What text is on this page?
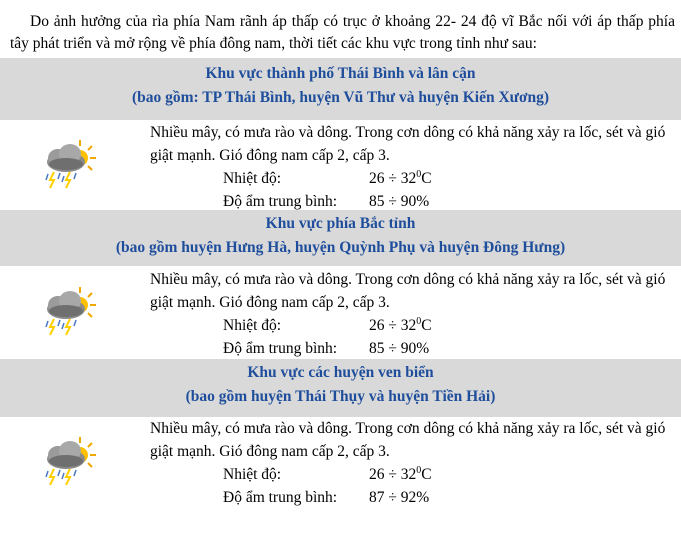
Do ảnh hưởng của rìa phía Nam rãnh áp thấp có trục ở khoảng 22- 24 độ vĩ Bắc nối với áp thấp phía tây phát triển và mở rộng về phía đông nam, thời tiết các khu vực trong tỉnh như sau:
Khu vực thành phố Thái Bình và lân cận
(bao gồm: TP Thái Bình, huyện Vũ Thư và huyện Kiến Xương)
Nhiều mây, có mưa rào và dông. Trong cơn dông có khả năng xảy ra lốc, sét và gió giật mạnh. Gió đông nam cấp 2, cấp 3.
Nhiệt độ:	$26 \div 32^0C$
Độ ẩm trung bình:	85 ÷ 90%
Khu vực phía Bắc tỉnh
(bao gồm huyện Hưng Hà, huyện Quỳnh Phụ và huyện Đông Hưng)
Nhiều mây, có mưa rào và dông. Trong cơn dông có khả năng xảy ra lốc, sét và gió giật mạnh. Gió đông nam cấp 2, cấp 3.
Nhiệt độ:	$26 \div 32^0C$
Độ ẩm trung bình:	85 ÷ 90%
Khu vực các huyện ven biển
(bao gồm huyện Thái Thụy và huyện Tiền Hải)
Nhiều mây, có mưa rào và dông. Trong cơn dông có khả năng xảy ra lốc, sét và gió giật mạnh. Gió đông nam cấp 2, cấp 3.
Nhiệt độ:	$26 \div 32^0C$
Độ ẩm trung bình:	87 ÷ 92%
